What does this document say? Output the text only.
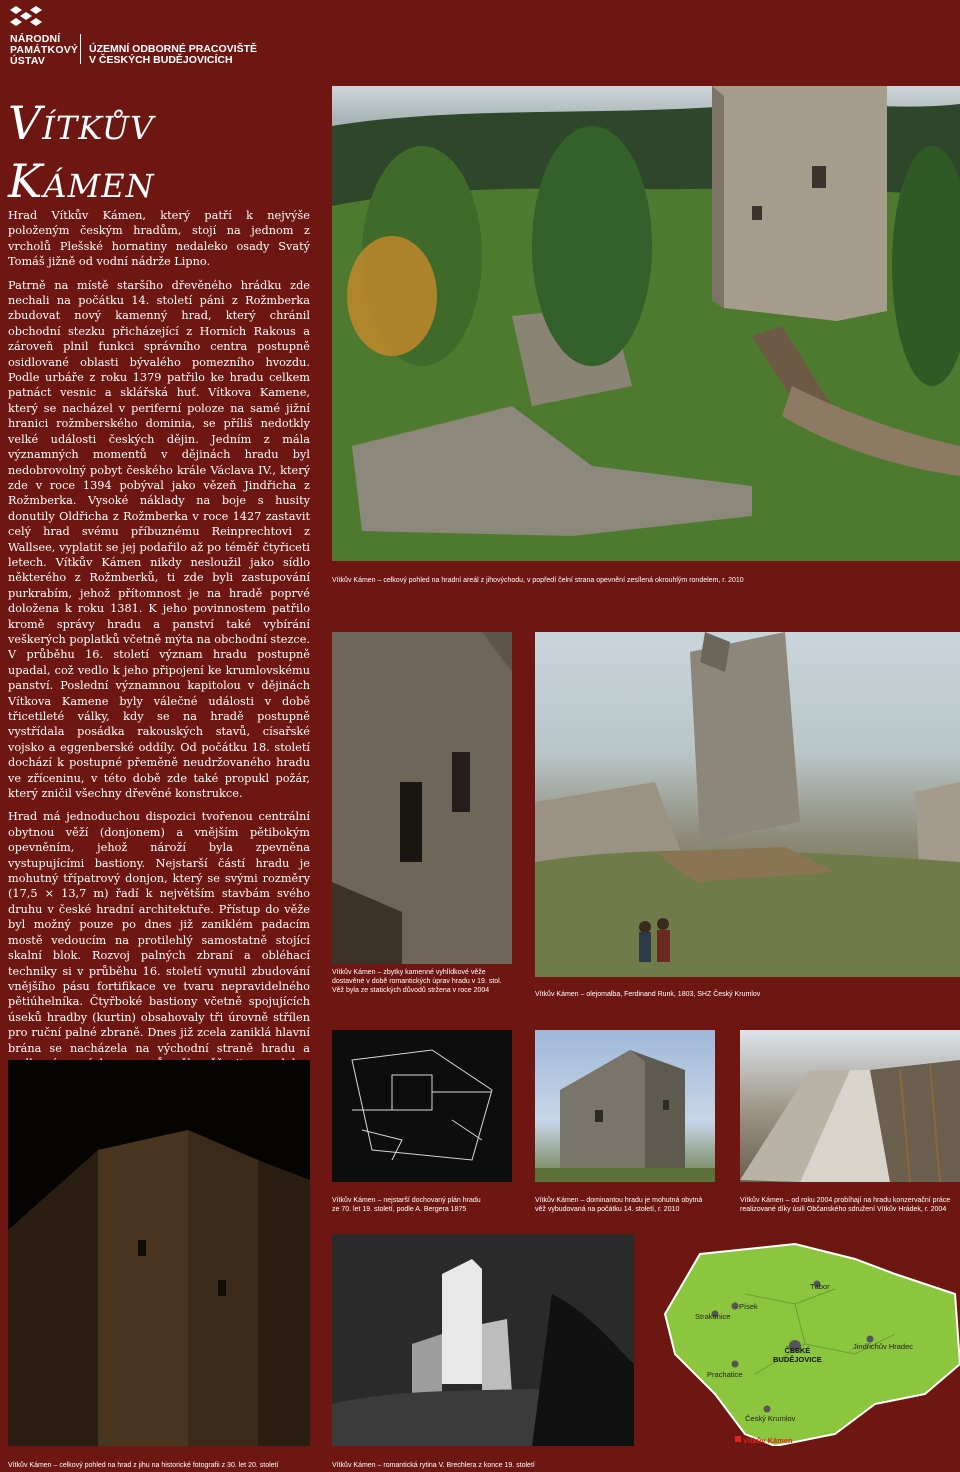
NÁRODNÍ
PAMÁTKOVÝ
ÚSTAV
ÚZEMNÍ ODBORNÉ PRACOVIŠTĚ
V ČESKÝCH BUDĚJOVICÍCH
Vítkův
Kámen

Hrad Vítkův Kámen, který patří k nejvýše položeným českým hradům, stojí na jednom z vrcholů Plešské hornatiny nedaleko osady Svatý Tomáš jižně od vodní nádrže Lipno.

Patrně na místě staršího dřevěného hrádku zde nechali na počátku 14. století páni z Rožmberka zbudovat nový kamenný hrad, který chránil obchodní stezku přicházející z Horních Rakous a zároveň plnil funkci správního centra postupně osidlované oblasti bývalého pomezního hvozdu. Podle urbáře z roku 1379 patřilo ke hradu celkem patnáct vesnic a sklářská huť. Vítkova Kamene, který se nacházel v periferní poloze na samé jižní hranici rožmberského dominia, se příliš nedotkly velké události českých dějin. Jedním z mála významných momentů v dějinách hradu byl nedobrovolný pobyt českého krále Václava IV., který zde v roce 1394 pobýval jako vězeň Jindřicha z Rožmberka. Vysoké náklady na boje s husity donutily Oldřicha z Rožmberka v roce 1427 zastavit celý hrad svému příbuznému Reinprechtovi z Wallsee, vyplatit se jej podařilo až po téměř čtyřiceti letech. Vítkův Kámen nikdy nesloužil jako sídlo některého z Rožmberků, ti zde byli zastupování purkrabím, jehož přítomnost je na hradě poprvé doložena k roku 1381. K jeho povinnostem patřilo kromě správy hradu a panství také vybírání veškerých poplatků včetně mýta na obchodní stezce. V průběhu 16. století význam hradu postupně upadal, což vedlo k jeho připojení ke krumlovskému panství. Poslední významnou kapitolou v dějinách Vítkova Kamene byly válečné události v době třicetileté války, kdy se na hradě postupně vystřídala posádka rakouských stavů, císařské vojsko a eggenberské oddíly. Od počátku 18. století dochází k postupné přeměně neudržovaného hradu ve zříceninu, v této době zde také propukl požár, který zničil všechny dřevěné konstrukce.

Hrad má jednoduchou dispozici tvořenou centrální obytnou věží (donjonem) a vnějším pětibokým opevněním, jehož nároží byla zpevněna vystupujícími bastiony. Nejstarší částí hradu je mohutný třípatrový donjon, který se svými rozměry (17,5 × 13,7 m) řadí k největším stavbám svého druhu v české hradní architektuře. Přístup do věže byl možný pouze po dnes již zaniklém padacím mostě vedoucím na protilehlý samostatně stojící skalní blok. Rozvoj palných zbraní a obléhací techniky si v průběhu 16. století vynutil zbudování vnějšího pásu fortifikace ve tvaru nepravidelného pětiúhelníka. Čtyřboké bastiony včetně spojujících úseků hradby (kurtin) obsahovaly tři úrovně střílen pro ruční palné zbraně. Dnes již zcela zaniklá hlavní brána se nacházela na východní straně hradu a

Vítkův Kámen – celkový pohled na hradní areál z jihovýchodu, v popředí čelní strana opevnění zesílená okrouhlým rondelem, r. 2010
Vítkův Kámen – zbytky kamenné vyhlídkové věže
dostavěné v době romantických úprav hradu v 19. stol.
Věž byla ze statických důvodů stržena v roce 2004
Vítkův Kámen – olejomalba, Ferdinand Runk, 1803, SHZ Český Krumlov
Vítkův Kámen – celkový pohled na hrad z jihu na historické fotografii z 30. let 20. století
Vítkův Kámen – nejstarší dochovaný plán hradu
ze 70. let 19. století, podle A. Bergera 1875
Vítkův Kámen – dominantou hradu je mohutná obytná
věž vybudovaná na počátku 14. století, r. 2010
Vítkův Kámen – od roku 2004 probíhají na hradu konzervační práce
realizované díky úsilí Občanského sdružení Vítkův Hrádek, r. 2004
Vítkův Kámen – romantická rytina V. Brechlera z konce 19. století
Tábor
Písek
Strakonice
Jindřichův Hradec
Prachatice
Český Krumlov
ČESKÉ
BUDĚJOVICE
Vítkův Kámen
